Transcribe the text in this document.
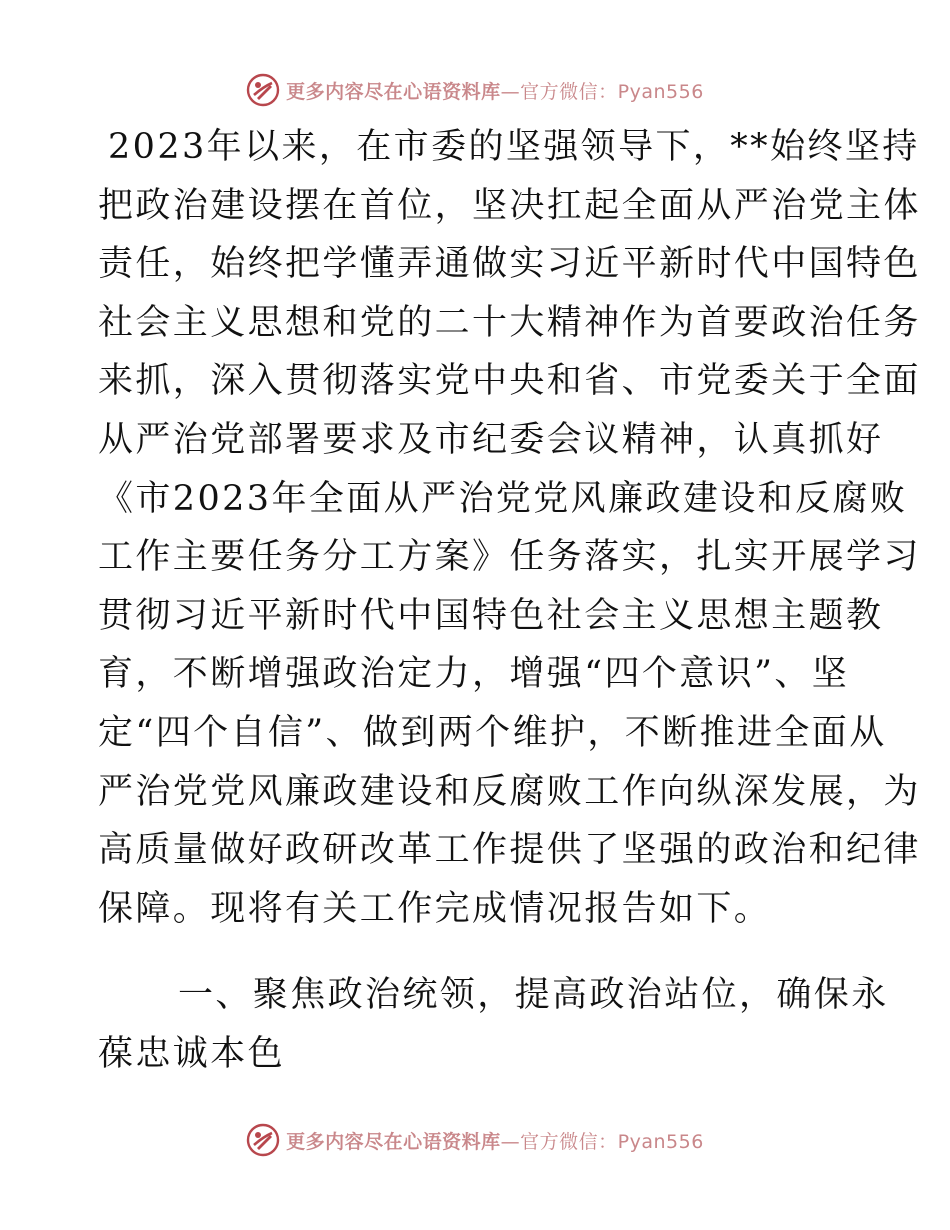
更多内容尽在心语资料库—官方微信：Pyan556
2023年以来，在市委的坚强领导下，**始终坚持
把政治建设摆在首位，坚决扛起全面从严治党主体
责任，始终把学懂弄通做实习近平新时代中国特色
社会主义思想和党的二十大精神作为首要政治任务
来抓，深入贯彻落实党中央和省、市党委关于全面
从严治党部署要求及市纪委会议精神，认真抓好
《市2023年全面从严治党党风廉政建设和反腐败
工作主要任务分工方案》任务落实，扎实开展学习
贯彻习近平新时代中国特色社会主义思想主题教
育，不断增强政治定力，增强“四个意识”、坚
定“四个自信”、做到两个维护，不断推进全面从
严治党党风廉政建设和反腐败工作向纵深发展，为
高质量做好政研改革工作提供了坚强的政治和纪律
保障。现将有关工作完成情况报告如下。
一、聚焦政治统领，提高政治站位，确保永
葆忠诚本色
更多内容尽在心语资料库—官方微信：Pyan556
